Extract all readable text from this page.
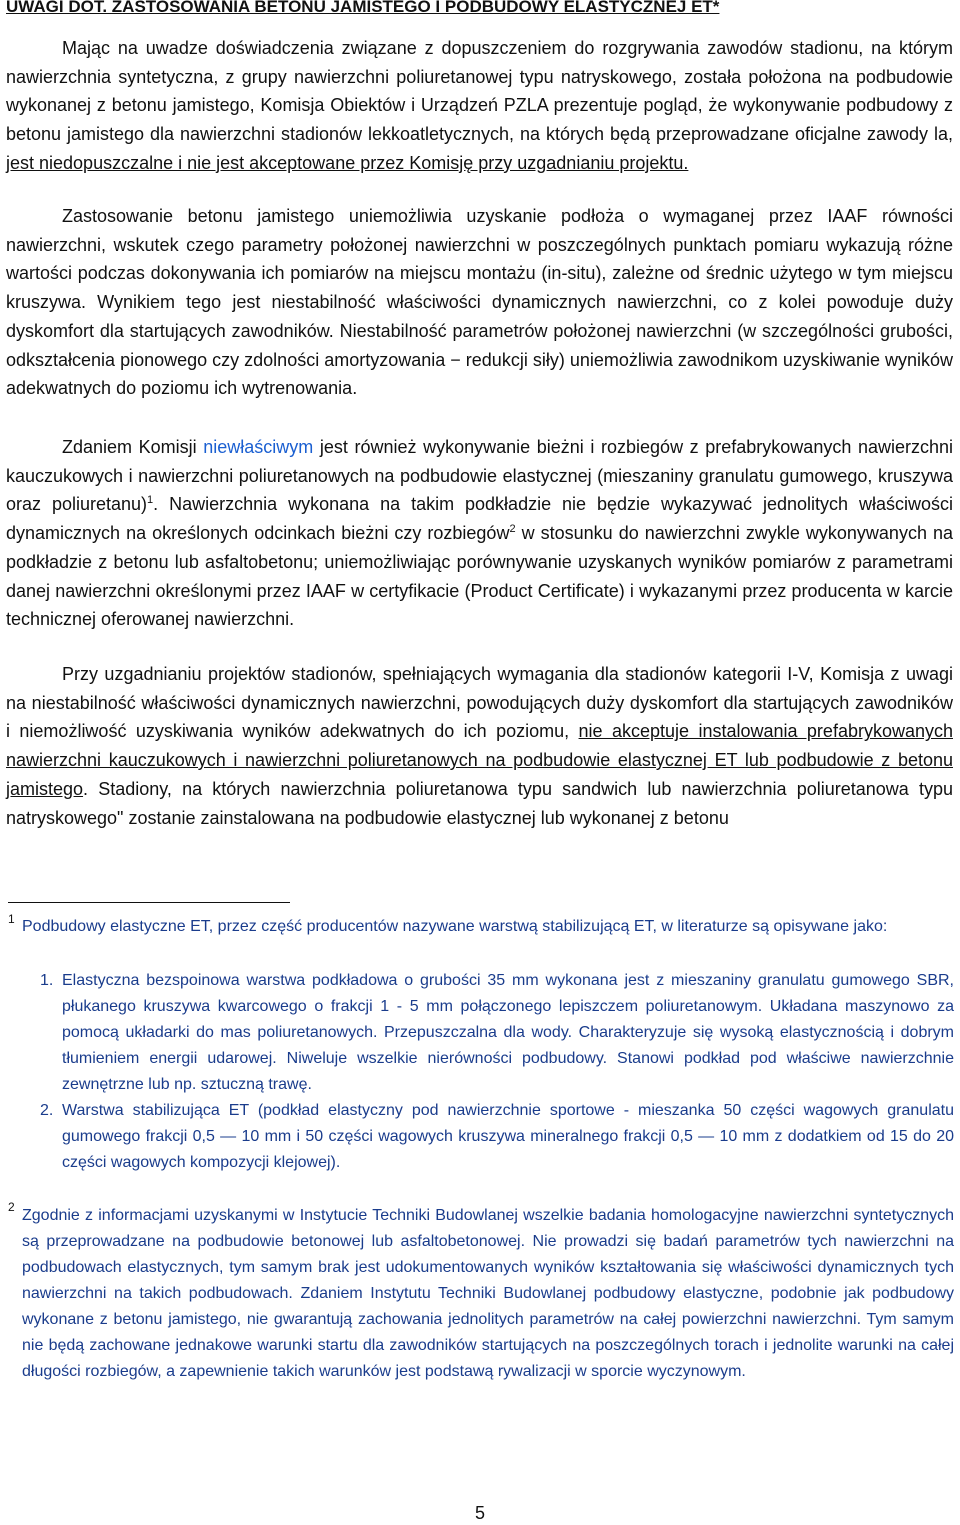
UWAGI DOT. ZASTOSOWANIA BETONU JAMISTEGO I PODBUDOWY ELASTYCZNEJ ET*

Mając na uwadze doświadczenia związane z dopuszczeniem do rozgrywania zawodów stadionu, na którym nawierzchnia syntetyczna, z grupy nawierzchni poliuretanowej typu natryskowego, została położona na podbudowie wykonanej z betonu jamistego, Komisja Obiektów i Urządzeń PZLA prezentuje pogląd, że wykonywanie podbudowy z betonu jamistego dla nawierzchni stadionów lekkoatletycznych, na których będą przeprowadzane oficjalne zawody la, jest niedopuszczalne i nie jest akceptowane przez Komisję przy uzgadnianiu projektu.

Zastosowanie betonu jamistego uniemożliwia uzyskanie podłoża o wymaganej przez IAAF równości nawierzchni, wskutek czego parametry położonej nawierzchni w poszczególnych punktach pomiaru wykazują różne wartości podczas dokonywania ich pomiarów na miejscu montażu (in-situ), zależne od średnic użytego w tym miejscu kruszywa. Wynikiem tego jest niestabilność właściwości dynamicznych nawierzchni, co z kolei powoduje duży dyskomfort dla startujących zawodników. Niestabilność parametrów położonej nawierzchni (w szczególności grubości, odkształcenia pionowego czy zdolności amortyzowania − redukcji siły) uniemożliwia zawodnikom uzyskiwanie wyników adekwatnych do poziomu ich wytrenowania.

Zdaniem Komisji niewłaściwym jest również wykonywanie bieżni i rozbiegów z prefabrykowanych nawierzchni kauczukowych i nawierzchni poliuretanowych na podbudowie elastycznej (mieszaniny granulatu gumowego, kruszywa oraz poliuretanu)$^1$. Nawierzchnia wykonana na takim podkładzie nie będzie wykazywać jednolitych właściwości dynamicznych na określonych odcinkach bieżni czy rozbiegów$^2$ w stosunku do nawierzchni zwykle wykonywanych na podkładzie z betonu lub asfaltobetonu; uniemożliwiając porównywanie uzyskanych wyników pomiarów z parametrami danej nawierzchni określonymi przez IAAF w certyfikacie (Product Certificate) i wykazanymi przez producenta w karcie technicznej oferowanej nawierzchni.

Przy uzgadnianiu projektów stadionów, spełniających wymagania dla stadionów kategorii I-V, Komisja z uwagi na niestabilność właściwości dynamicznych nawierzchni, powodujących duży dyskomfort dla startujących zawodników i niemożliwość uzyskiwania wyników adekwatnych do ich poziomu, nie akceptuje instalowania prefabrykowanych nawierzchni kauczukowych i nawierzchni poliuretanowych na podbudowie elastycznej ET lub podbudowie z betonu jamistego. Stadiony, na których nawierzchnia poliuretanowa typu sandwich lub nawierzchnia poliuretanowa typu natryskowego" zostanie zainstalowana na podbudowie elastycznej lub wykonanej z betonu

1 Podbudowy elastyczne ET, przez część producentów nazywane warstwą stabilizującą ET, w literaturze są opisywane jako:

1. Elastyczna bezspoinowa warstwa podkładowa o grubości 35 mm wykonana jest z mieszaniny granulatu gumowego SBR, płukanego kruszywa kwarcowego o frakcji 1 - 5 mm połączonego lepiszczem poliuretanowym. Układana maszynowo za pomocą układarki do mas poliuretanowych. Przepuszczalna dla wody. Charakteryzuje się wysoką elastycznością i dobrym tłumieniem energii udarowej. Niweluje wszelkie nierówności podbudowy. Stanowi podkład pod właściwe nawierzchnie zewnętrzne lub np. sztuczną trawę.
2. Warstwa stabilizująca ET (podkład elastyczny pod nawierzchnie sportowe - mieszanka 50 części wagowych granulatu gumowego frakcji 0,5 — 10 mm i 50 części wagowych kruszywa mineralnego frakcji 0,5 — 10 mm z dodatkiem od 15 do 20 części wagowych kompozycji klejowej).
2 Zgodnie z informacjami uzyskanymi w Instytucie Techniki Budowlanej wszelkie badania homologacyjne nawierzchni syntetycznych są przeprowadzane na podbudowie betonowej lub asfaltobetonowej. Nie prowadzi się badań parametrów tych nawierzchni na podbudowach elastycznych, tym samym brak jest udokumentowanych wyników kształtowania się właściwości dynamicznych tych nawierzchni na takich podbudowach. Zdaniem Instytutu Techniki Budowlanej podbudowy elastyczne, podobnie jak podbudowy wykonane z betonu jamistego, nie gwarantują zachowania jednolitych parametrów na całej powierzchni nawierzchni. Tym samym nie będą zachowane jednakowe warunki startu dla zawodników startujących na poszczególnych torach i jednolite warunki na całej długości rozbiegów, a zapewnienie takich warunków jest podstawą rywalizacji w sporcie wyczynowym.

5
